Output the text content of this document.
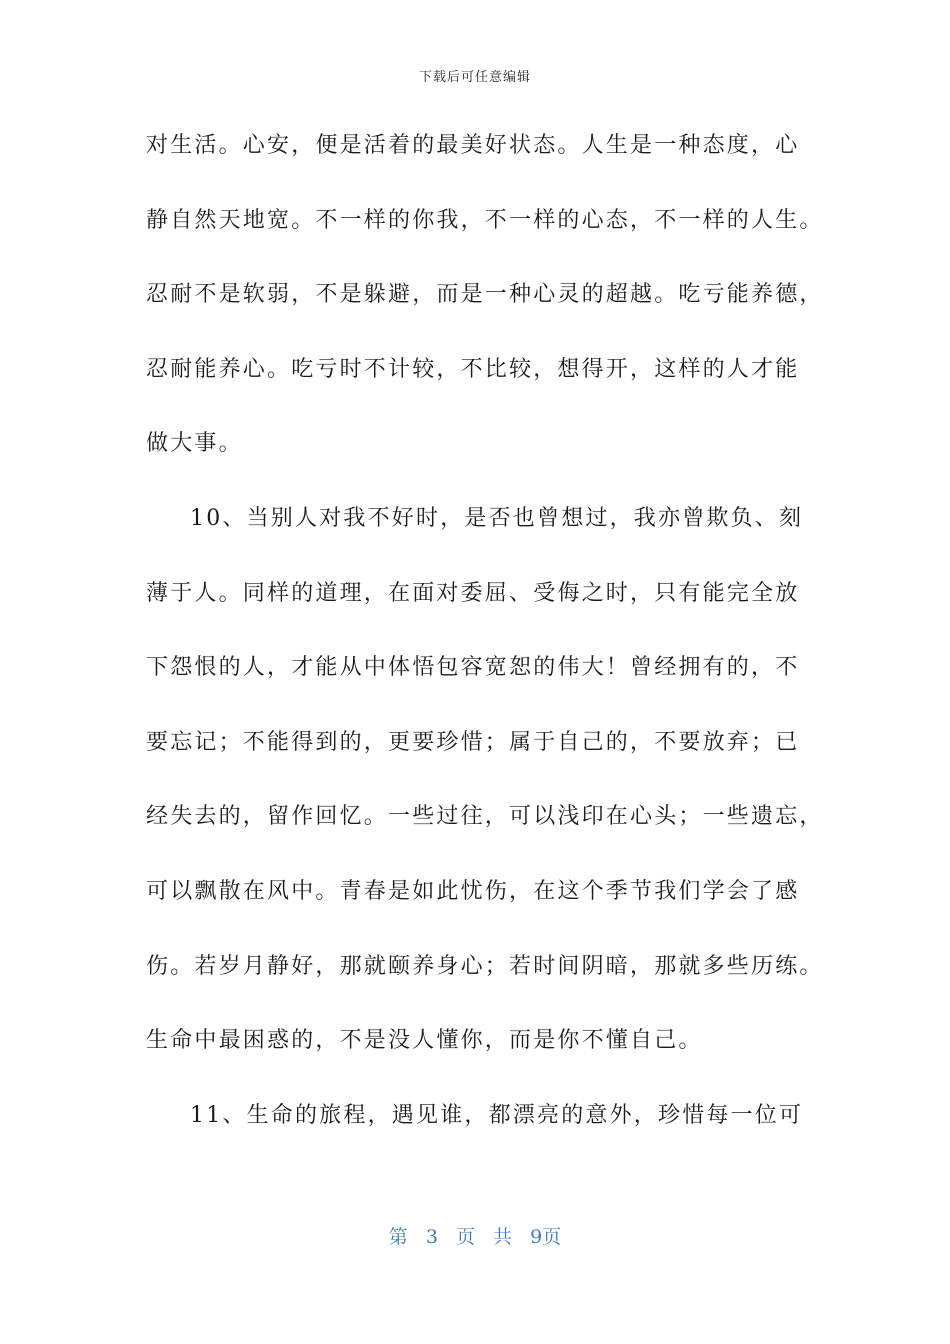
下载后可任意编辑
对生活。心安，便是活着的最美好状态。人生是一种态度，心
静自然天地宽。不一样的你我，不一样的心态，不一样的人生。
忍耐不是软弱，不是躲避，而是一种心灵的超越。吃亏能养德，
忍耐能养心。吃亏时不计较，不比较，想得开，这样的人才能
做大事。
10、当别人对我不好时，是否也曾想过，我亦曾欺负、刻
薄于人。同样的道理，在面对委屈、受侮之时，只有能完全放
下怨恨的人，才能从中体悟包容宽恕的伟大！曾经拥有的，不
要忘记；不能得到的，更要珍惜；属于自己的，不要放弃；已
经失去的，留作回忆。一些过往，可以浅印在心头；一些遗忘，
可以飘散在风中。青春是如此忧伤，在这个季节我们学会了感
伤。若岁月静好，那就颐养身心；若时间阴暗，那就多些历练。
生命中最困惑的，不是没人懂你，而是你不懂自己。
11、生命的旅程，遇见谁，都漂亮的意外，珍惜每一位可
第 3 页 共 9页
